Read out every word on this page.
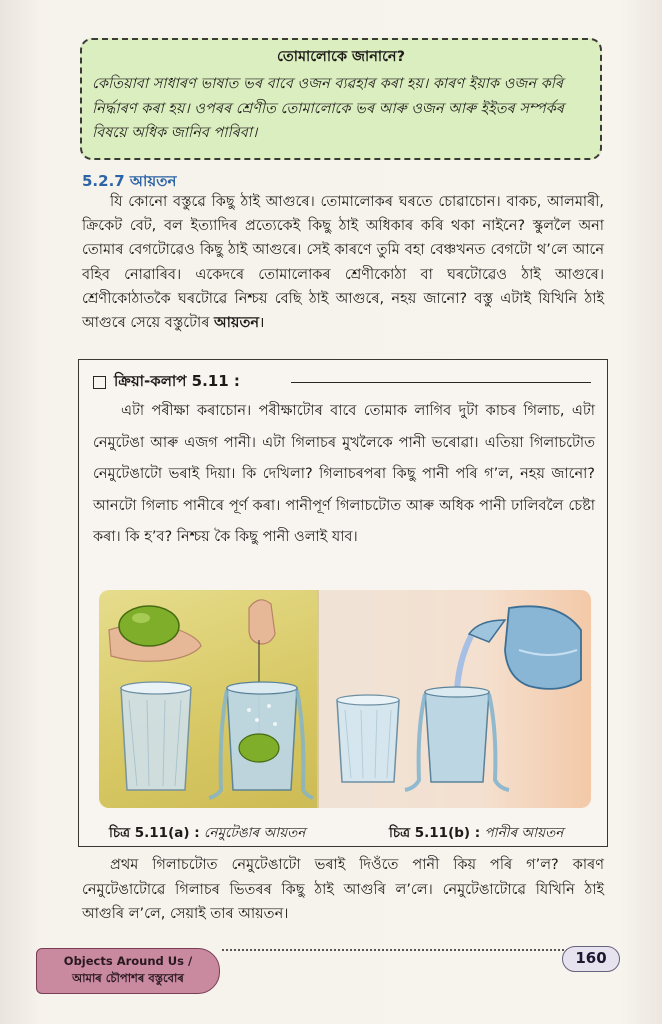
তোমালোকে জানানে?
কেতিয়াবা সাধাৰণ ভাষাত ভৰ বাবে ওজন ব্যৱহাৰ কৰা হয়। কাৰণ ইয়াক ওজন কৰি নিৰ্দ্ধাৰণ কৰা হয়। ওপৰৰ শ্ৰেণীত তোমালোকে ভৰ আৰু ওজন আৰু ইইতৰ সম্পৰ্কৰ বিষয়ে অধিক জানিব পাৰিবা।
5.2.7 আয়তন
যি কোনো বস্তুৱে কিছু ঠাই আগুৰে। তোমালোকৰ ঘৰতে চোৱাচোন। বাকচ, আলমাৰী, ক্ৰিকেট বেট, বল ইত্যাদিৰ প্ৰত্যেকেই কিছু ঠাই অধিকাৰ কৰি থকা নাইনে? স্কুললৈ অনা তোমাৰ বেগটোৱেও কিছু ঠাই আগুৰে। সেই কাৰণে তুমি বহা বেঞ্চখনত বেগটো থ’লে আনে বহিব নোৱাৰিব। একেদৰে তোমালোকৰ শ্ৰেণীকোঠা বা ঘৰটোৱেও ঠাই আগুৰে। শ্ৰেণীকোঠাতকৈ ঘৰটোৱে নিশ্চয় বেছি ঠাই আগুৰে, নহয় জানো? বস্তু এটাই যিখিনি ঠাই আগুৰে সেয়ে বস্তুটোৰ আয়তন।
ক্ৰিয়া-কলাপ 5.11 :
এটা পৰীক্ষা কৰাচোন। পৰীক্ষাটোৰ বাবে তোমাক লাগিব দুটা কাচৰ গিলাচ, এটা নেমুটেঙা আৰু এজগ পানী। এটা গিলাচৰ মুখলৈকে পানী ভৰোৱা। এতিয়া গিলাচটোত নেমুটেঙাটো ভৰাই দিয়া। কি দেখিলা? গিলাচৰপৰা কিছু পানী পৰি গ’ল, নহয় জানো? আনটো গিলাচ পানীৰে পূৰ্ণ কৰা। পানীপূৰ্ণ গিলাচটোত আৰু অধিক পানী ঢালিবলৈ চেষ্টা কৰা। কি হ’ব? নিশ্চয় কৈ কিছু পানী ওলাই যাব।
চিত্ৰ 5.11(a) : নেমুটেঙাৰ আয়তন	চিত্ৰ 5.11(b) : পানীৰ আয়তন
প্ৰথম গিলাচটোত নেমুটেঙাটো ভৰাই দিওঁতে পানী কিয় পৰি গ’ল? কাৰণ নেমুটেঙাটোৱে গিলাচৰ ভিতৰৰ কিছু ঠাই আগুৰি ল’লে। নেমুটেঙাটোৱে যিখিনি ঠাই আগুৰি ল’লে, সেয়াই তাৰ আয়তন।
Objects Around Us /
আমাৰ চৌপাশৰ বস্তুবোৰ
160
